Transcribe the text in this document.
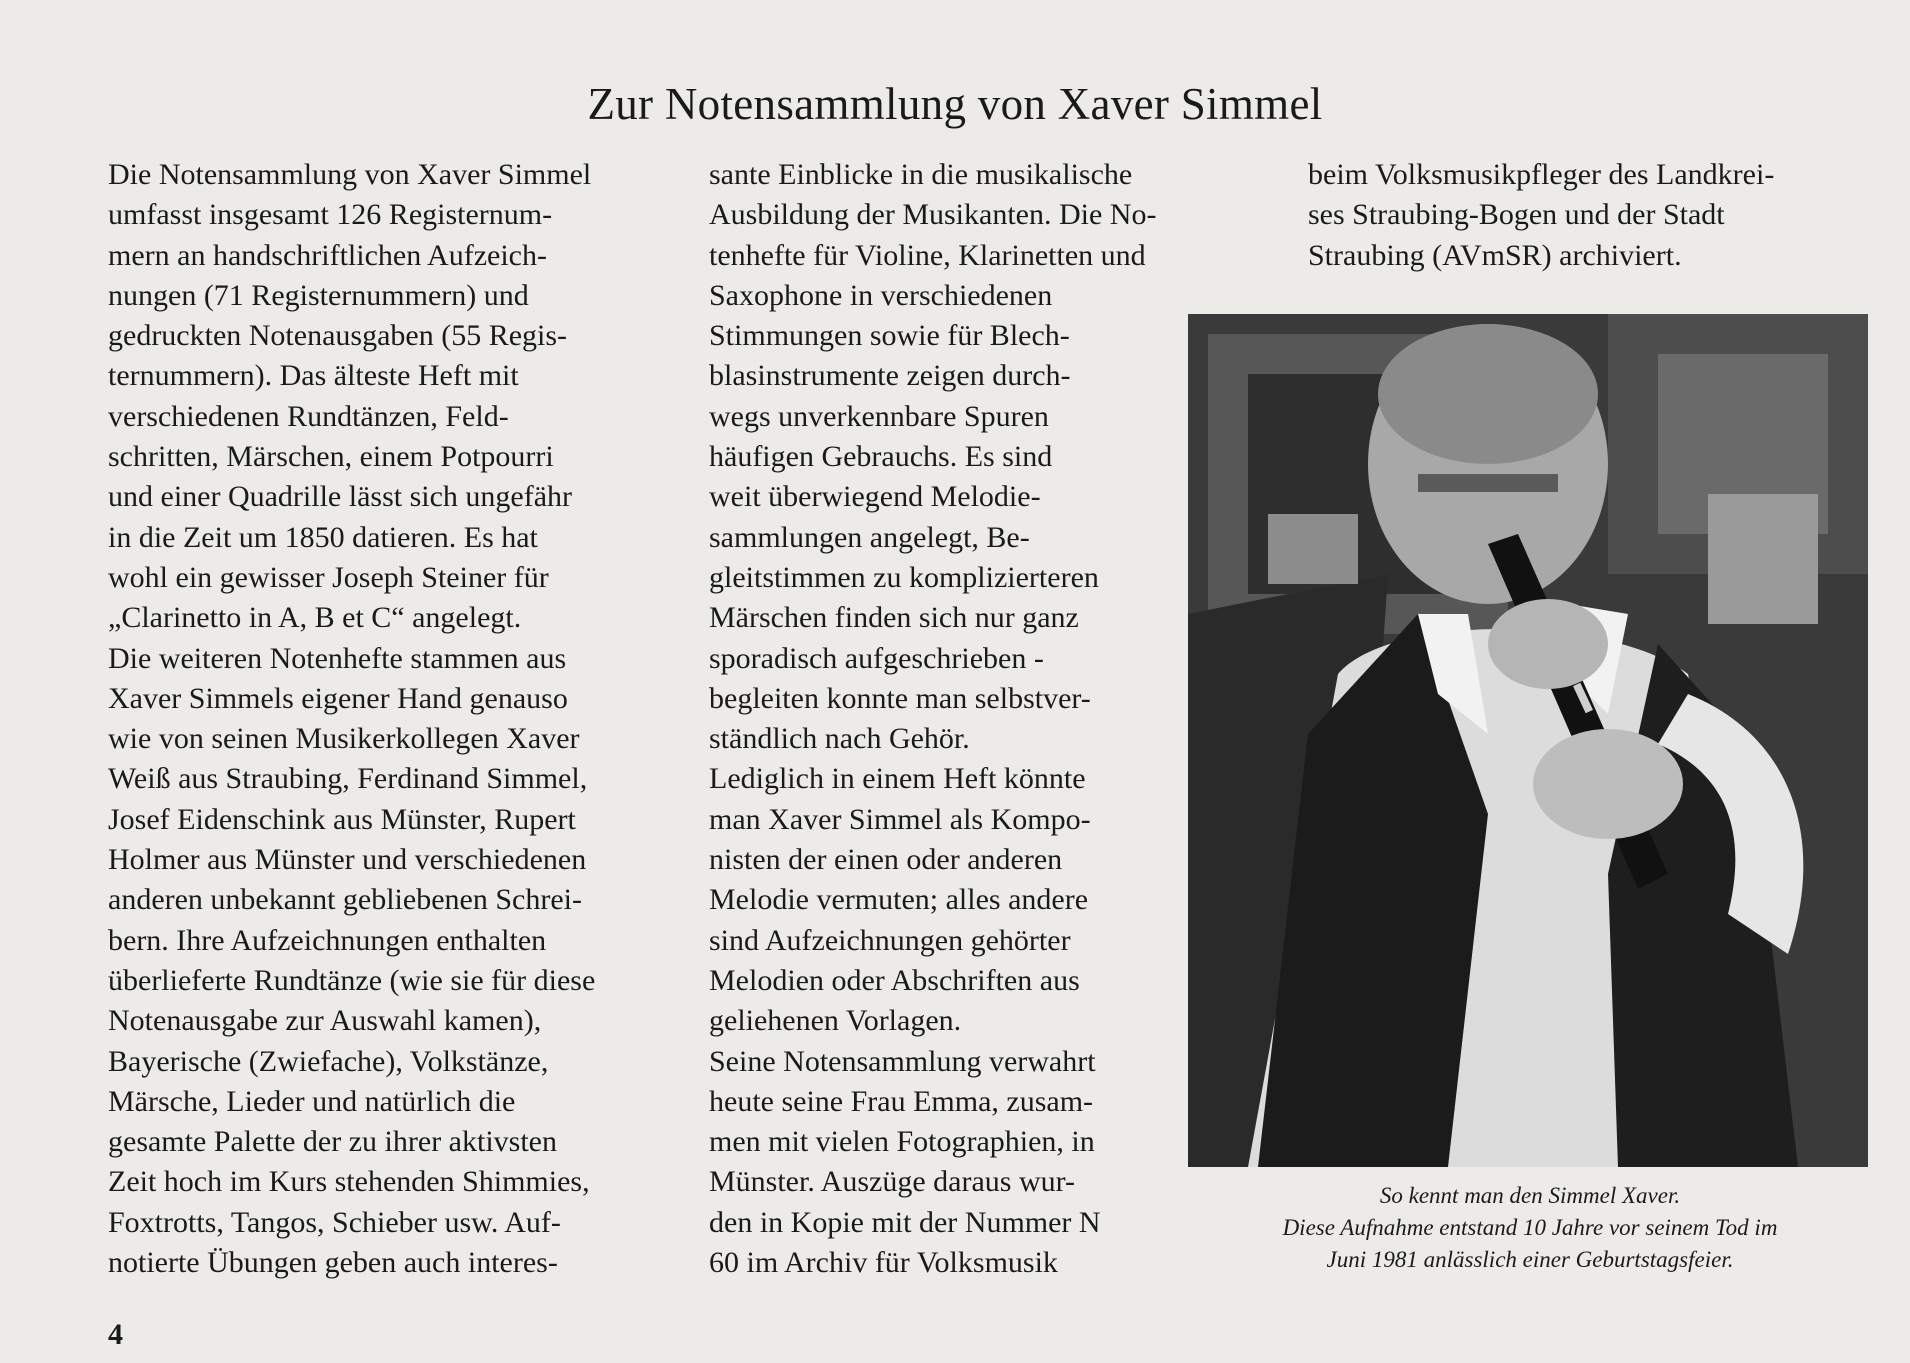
Zur Notensammlung von Xaver Simmel
Die Notensammlung von Xaver Simmel
umfasst insgesamt 126 Registernum-
mern an handschriftlichen Aufzeich-
nungen (71 Registernummern) und
gedruckten Notenausgaben (55 Regis-
ternummern). Das älteste Heft mit
verschiedenen Rundtänzen, Feld-
schritten, Märschen, einem Potpourri
und einer Quadrille lässt sich ungefähr
in die Zeit um 1850 datieren. Es hat
wohl ein gewisser Joseph Steiner für
„Clarinetto in A, B et C“ angelegt.
Die weiteren Notenhefte stammen aus
Xaver Simmels eigener Hand genauso
wie von seinen Musikerkollegen Xaver
Weiß aus Straubing, Ferdinand Simmel,
Josef Eidenschink aus Münster, Rupert
Holmer aus Münster und verschiedenen
anderen unbekannt gebliebenen Schrei-
bern. Ihre Aufzeichnungen enthalten
überlieferte Rundtänze (wie sie für diese
Notenausgabe zur Auswahl kamen),
Bayerische (Zwiefache), Volkstänze,
Märsche, Lieder und natürlich die
gesamte Palette der zu ihrer aktivsten
Zeit hoch im Kurs stehenden Shimmies,
Foxtrotts, Tangos, Schieber usw. Auf-
notierte Übungen geben auch interes-
sante Einblicke in die musikalische
Ausbildung der Musikanten. Die No-
tenhefte für Violine, Klarinetten und
Saxophone in verschiedenen
Stimmungen sowie für Blech-
blasinstrumente zeigen durch-
wegs unverkennbare Spuren
häufigen Gebrauchs. Es sind
weit überwiegend Melodie-
sammlungen angelegt, Be-
gleitstimmen zu komplizierteren
Märschen finden sich nur ganz
sporadisch aufgeschrieben -
begleiten konnte man selbstver-
ständlich nach Gehör.
Lediglich in einem Heft könnte
man Xaver Simmel als Kompo-
nisten der einen oder anderen
Melodie vermuten; alles andere
sind Aufzeichnungen gehörter
Melodien oder Abschriften aus
geliehenen Vorlagen.
Seine Notensammlung verwahrt
heute seine Frau Emma, zusam-
men mit vielen Fotographien, in
Münster. Auszüge daraus wur-
den in Kopie mit der Nummer N
60 im Archiv für Volksmusik
beim Volksmusikpfleger des Landkrei-
ses Straubing-Bogen und der Stadt
Straubing (AVmSR) archiviert.
So kennt man den Simmel Xaver.
Diese Aufnahme entstand 10 Jahre vor seinem Tod im
Juni 1981 anlässlich einer Geburtstagsfeier.
4
